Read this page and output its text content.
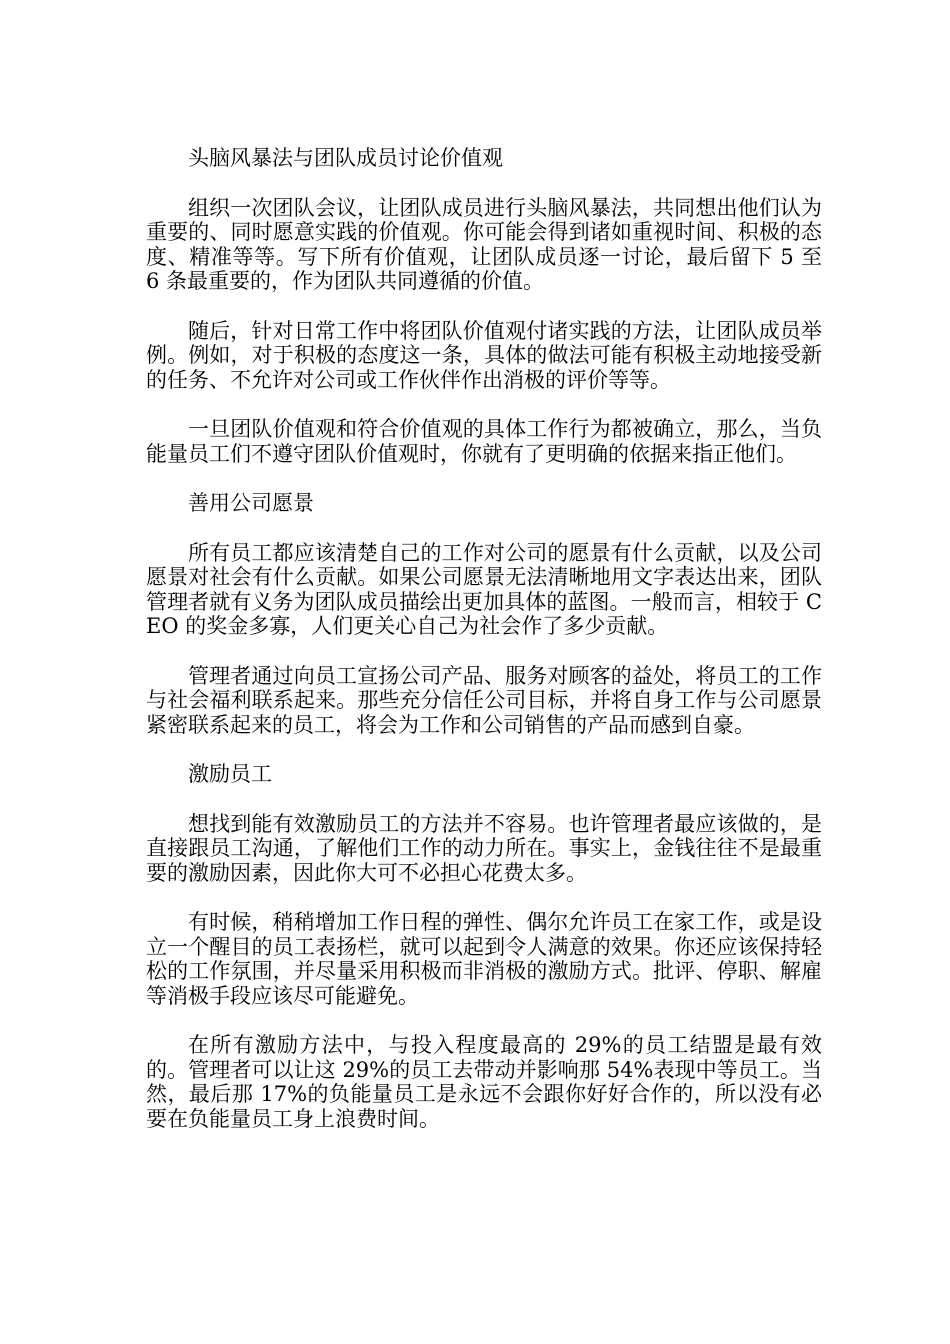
头脑风暴法与团队成员讨论价值观

组织一次团队会议，让团队成员进行头脑风暴法，共同想出他们认为重要的、同时愿意实践的价值观。你可能会得到诸如重视时间、积极的态度、精准等等。写下所有价值观，让团队成员逐一讨论，最后留下 5 至 6 条最重要的，作为团队共同遵循的价值。

随后，针对日常工作中将团队价值观付诸实践的方法，让团队成员举例。例如，对于积极的态度这一条，具体的做法可能有积极主动地接受新的任务、不允许对公司或工作伙伴作出消极的评价等等。

一旦团队价值观和符合价值观的具体工作行为都被确立，那么，当负能量员工们不遵守团队价值观时，你就有了更明确的依据来指正他们。

善用公司愿景

所有员工都应该清楚自己的工作对公司的愿景有什么贡献，以及公司愿景对社会有什么贡献。如果公司愿景无法清晰地用文字表达出来，团队管理者就有义务为团队成员描绘出更加具体的蓝图。一般而言，相较于 CEO 的奖金多寡，人们更关心自己为社会作了多少贡献。

管理者通过向员工宣扬公司产品、服务对顾客的益处，将员工的工作与社会福利联系起来。那些充分信任公司目标，并将自身工作与公司愿景紧密联系起来的员工，将会为工作和公司销售的产品而感到自豪。

激励员工

想找到能有效激励员工的方法并不容易。也许管理者最应该做的，是直接跟员工沟通，了解他们工作的动力所在。事实上，金钱往往不是最重要的激励因素，因此你大可不必担心花费太多。

有时候，稍稍增加工作日程的弹性、偶尔允许员工在家工作，或是设立一个醒目的员工表扬栏，就可以起到令人满意的效果。你还应该保持轻松的工作氛围，并尽量采用积极而非消极的激励方式。批评、停职、解雇等消极手段应该尽可能避免。

在所有激励方法中，与投入程度最高的 29%的员工结盟是最有效的。管理者可以让这 29%的员工去带动并影响那 54%表现中等员工。当然，最后那 17%的负能量员工是永远不会跟你好好合作的，所以没有必要在负能量员工身上浪费时间。
